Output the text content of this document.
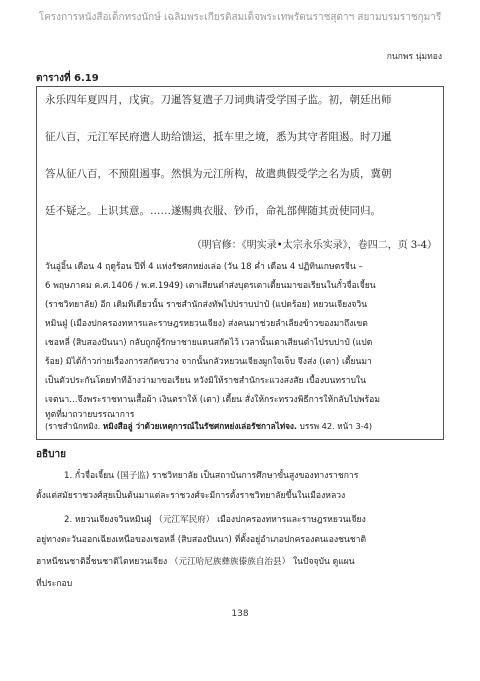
โครงการหนังสือเด็กทรงนักษ์ เฉลิมพระเกียรติสมเด็จพระเทพรัตนราชสุดาฯ สยามบรมราชกุมารี
กนกพร นุ่มทอง
ตารางที่ 6.19
永乐四年夏四月，戊寅。刀暹答复遣子刀词典请受学国子监。初，朝廷出师
征八百，元江军民府遣人助给馈运，抵车里之境，悉为其守者阻遏。时刀暹
答从征八百，不预阻遏事。然惧为元江所构，故遣典假受学之名为质，冀朝
廷不疑之。上识其意。……遂赐典衣服、钞币，命礼部俾随其贡使同归。
（明官修：《明实录•太宗永乐实录》，卷四二，页 3-4）
วันอู่อิ้น เดือน 4 ฤดูร้อน ปีที่ 4 แห่งรัชศกหย่งเล่อ (วัน 18 ค่ำ เดือน 4 ปฏิทินเกษตรจีน –
6 พฤษภาคม ค.ศ.1406 / พ.ศ.1949) เตาเสียนต๋าส่งบุตรเตาเตี้ยนมาขอเรียนในกั๋วจื่อเจี้ยน
(ราชวิทยาลัย) อีก เดิมทีเดียวนั้น ราชสำนักส่งทัพไปปราบปาป๋ (แปดร้อย) หยวนเจียงจวิน
หมินฝู่ (เมืองปกครองทหารและราษฎรหยวนเจียง) ส่งคนมาช่วยลำเลียงข้าวของมาถึงเขต
เชอหลี่ (สิบสองปันนา) กลับถูกผู้รักษาชายแดนสกัดไว้ เวลานั้นเตาเสียนต๋าไปรบปาป๋ (แปด
ร้อย) มิได้ก้าวก่ายเรื่องการสกัดขวาง จากนั้นกลัวหยวนเจียงผูกใจเจ็บ จึงส่ง (เตา) เตี้ยนมา
เป็นตัวประกันโดยทำทีอ้างว่ามาขอเรียน หวังมิให้ราชสำนักระแวงสงสัย เบื้องบนทราบใน
เจตนา...จึงพระราชทานเสื้อผ้า เงินตราให้ (เตา) เตี้ยน สั่งให้กระทรวงพิธีการให้กลับไปพร้อม
ทูตที่มาถวายบรรณาการ
(ราชสำนักหมิง. หมิงสือลู่ ว่าด้วยเหตุการณ์ในรัชศกหย่งเล่อรัชกาลไท่จง. บรรพ 42. หน้า 3-4)
อธิบาย
1. กั๋วจื่อเจี้ยน (国子监) ราชวิทยาลัย เป็นสถาบันการศึกษาขั้นสูงของทางราชการ
ตั้งแต่สมัยราชวงศ์สุยเป็นต้นมาแต่ละราชวงศ์จะมีการตั้งราชวิทยาลัยขึ้นในเมืองหลวง
2. หยวนเจียงจวินหมินฝู่ （元江军民府） เมืองปกครองทหารและราษฎรหยวนเจียง
อยู่ทางตะวันออกเฉียงเหนือของเชอหลี่ (สิบสองปันนา) ที่ตั้งอยู่อำเภอปกครองตนเองชนชาติ
ฮาหนีชนชาติอี๋ชนชาติไตหยวนเจียง （元江哈尼族彝族傣族自治县） ในปัจจุบัน ดูแผน
ที่ประกอบ
138
